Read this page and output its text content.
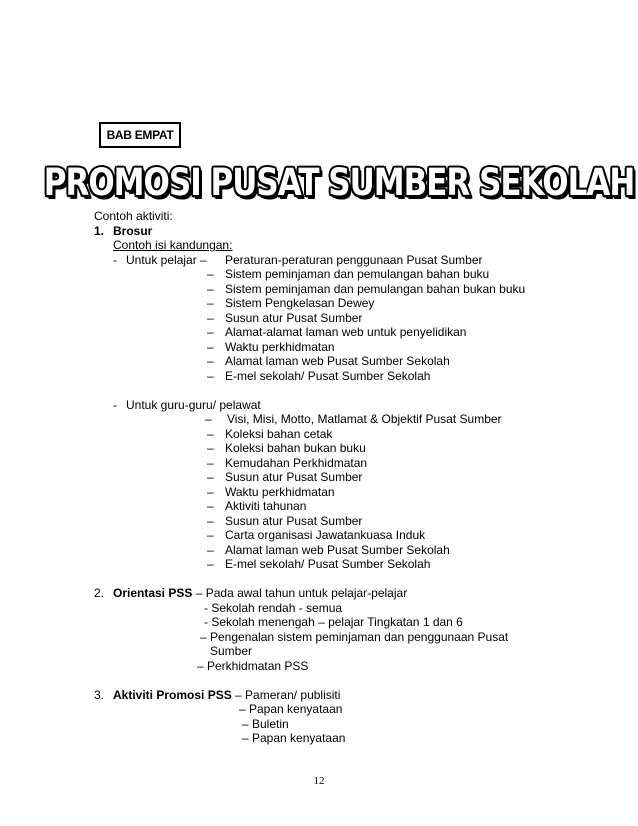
BAB EMPAT
PROMOSI PUSAT SUMBER SEKOLAH
Contoh aktiviti:
1. Brosur
Contoh isi kandungan:
- Untuk pelajar – Peraturan-peraturan penggunaan Pusat Sumber
– Sistem peminjaman dan pemulangan bahan buku
– Sistem peminjaman dan pemulangan bahan bukan buku
– Sistem Pengkelasan Dewey
– Susun atur Pusat Sumber
– Alamat-alamat laman web untuk penyelidikan
– Waktu perkhidmatan
– Alamat laman web Pusat Sumber Sekolah
– E-mel sekolah/ Pusat Sumber Sekolah
- Untuk guru-guru/ pelawat
– Visi, Misi, Motto, Matlamat & Objektif Pusat Sumber
– Koleksi bahan cetak
– Koleksi bahan bukan buku
– Kemudahan Perkhidmatan
– Susun atur Pusat Sumber
– Waktu perkhidmatan
– Aktiviti tahunan
– Susun atur Pusat Sumber
– Carta organisasi Jawatankuasa Induk
– Alamat laman web Pusat Sumber Sekolah
– E-mel sekolah/ Pusat Sumber Sekolah
2. Orientasi PSS – Pada awal tahun untuk pelajar-pelajar
- Sekolah rendah - semua
- Sekolah menengah – pelajar Tingkatan 1 dan 6
– Pengenalan sistem peminjaman dan penggunaan Pusat
Sumber
– Perkhidmatan PSS
3. Aktiviti Promosi PSS – Pameran/ publisiti
– Papan kenyataan
– Buletin
– Papan kenyataan
12
